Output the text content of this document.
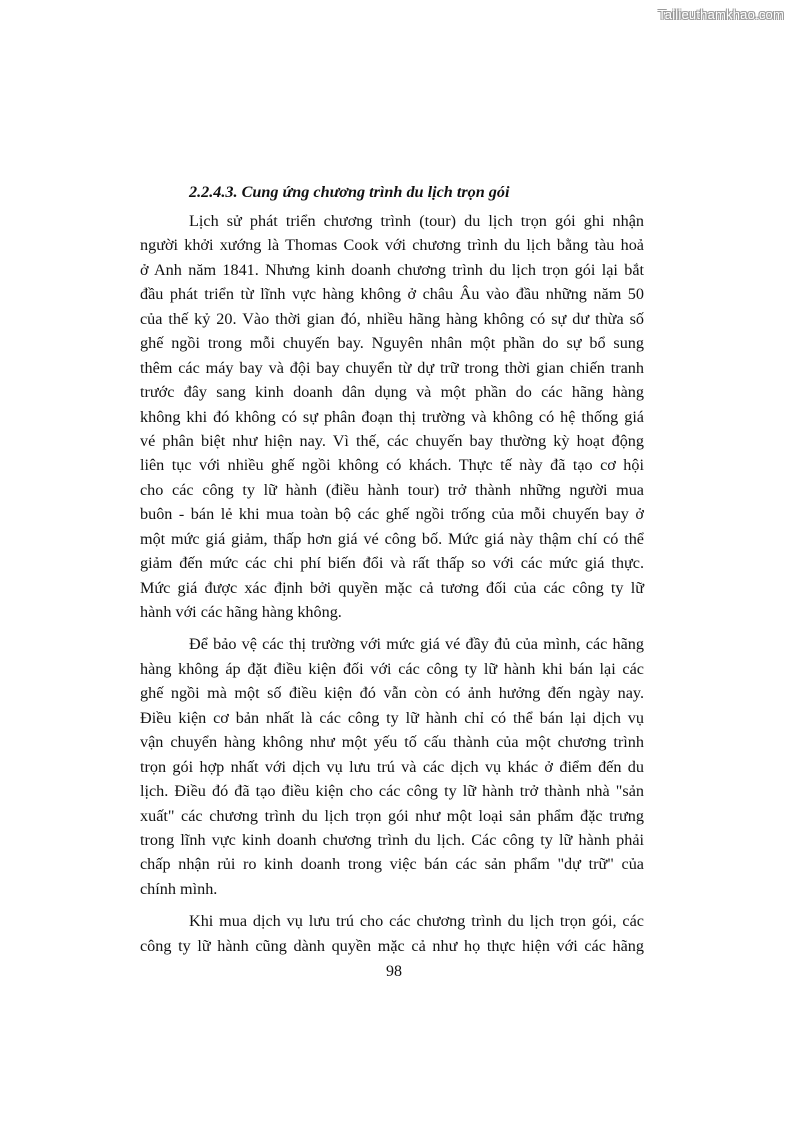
Tailieuthamkhao.com
2.2.4.3. Cung ứng chương trình du lịch trọn gói
Lịch sử phát triển chương trình (tour) du lịch trọn gói ghi nhận
người khởi xướng là Thomas Cook với chương trình du lịch bằng tàu hoả
ở Anh năm 1841. Nhưng kinh doanh chương trình du lịch trọn gói lại bắt
đầu phát triển từ lĩnh vực hàng không ở châu Âu vào đầu những năm 50
của thế kỷ 20. Vào thời gian đó, nhiều hãng hàng không có sự dư thừa số
ghế ngồi trong mỗi chuyến bay. Nguyên nhân một phần do sự bổ sung
thêm các máy bay và đội bay chuyển từ dự trữ trong thời gian chiến tranh
trước đây sang kinh doanh dân dụng và một phần do các hãng hàng
không khi đó không có sự phân đoạn thị trường và không có hệ thống giá
vé phân biệt như hiện nay. Vì thế, các chuyến bay thường kỳ hoạt động
liên tục với nhiều ghế ngồi không có khách. Thực tế này đã tạo cơ hội
cho các công ty lữ hành (điều hành tour) trở thành những người mua
buôn - bán lẻ khi mua toàn bộ các ghế ngồi trống của mỗi chuyến bay ở
một mức giá giảm, thấp hơn giá vé công bố. Mức giá này thậm chí có thể
giảm đến mức các chi phí biến đổi và rất thấp so với các mức giá thực.
Mức giá được xác định bởi quyền mặc cả tương đối của các công ty lữ
hành với các hãng hàng không.
Để bảo vệ các thị trường với mức giá vé đầy đủ của mình, các hãng
hàng không áp đặt điều kiện đối với các công ty lữ hành khi bán lại các
ghế ngồi mà một số điều kiện đó vẫn còn có ảnh hưởng đến ngày nay.
Điều kiện cơ bản nhất là các công ty lữ hành chỉ có thể bán lại dịch vụ
vận chuyển hàng không như một yếu tố cấu thành của một chương trình
trọn gói hợp nhất với dịch vụ lưu trú và các dịch vụ khác ở điểm đến du
lịch. Điều đó đã tạo điều kiện cho các công ty lữ hành trở thành nhà "sản
xuất" các chương trình du lịch trọn gói như một loại sản phẩm đặc trưng
trong lĩnh vực kinh doanh chương trình du lịch. Các công ty lữ hành phải
chấp nhận rủi ro kinh doanh trong việc bán các sản phẩm "dự trữ" của
chính mình.
Khi mua dịch vụ lưu trú cho các chương trình du lịch trọn gói, các
công ty lữ hành cũng dành quyền mặc cả như họ thực hiện với các hãng
98
